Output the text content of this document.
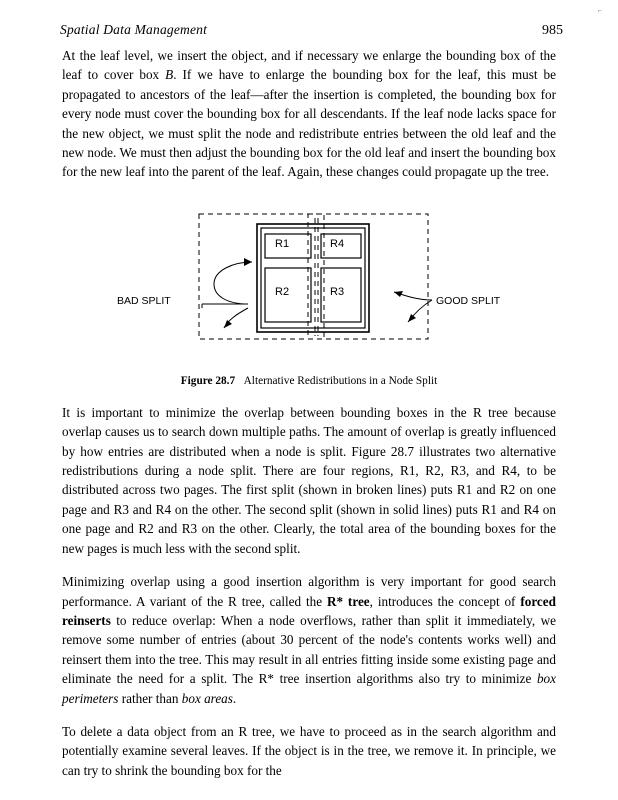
⌐
Spatial Data Management	985

At the leaf level, we insert the object, and if necessary we enlarge the bounding box of the leaf to cover box B. If we have to enlarge the bounding box for the leaf, this must be propagated to ancestors of the leaf—after the insertion is completed, the bounding box for every node must cover the bounding box for all descendants. If the leaf node lacks space for the new object, we must split the node and redistribute entries between the old leaf and the new node. We must then adjust the bounding box for the old leaf and insert the bounding box for the new leaf into the parent of the leaf. Again, these changes could propagate up the tree.

R1	R4
R2	R3
BAD SPLIT	GOOD SPLIT
Figure 28.7 Alternative Redistributions in a Node Split

It is important to minimize the overlap between bounding boxes in the R tree because overlap causes us to search down multiple paths. The amount of overlap is greatly influenced by how entries are distributed when a node is split. Figure 28.7 illustrates two alternative redistributions during a node split. There are four regions, R1, R2, R3, and R4, to be distributed across two pages. The first split (shown in broken lines) puts R1 and R2 on one page and R3 and R4 on the other. The second split (shown in solid lines) puts R1 and R4 on one page and R2 and R3 on the other. Clearly, the total area of the bounding boxes for the new pages is much less with the second split.

Minimizing overlap using a good insertion algorithm is very important for good search performance. A variant of the R tree, called the R* tree, introduces the concept of forced reinserts to reduce overlap: When a node overflows, rather than split it immediately, we remove some number of entries (about 30 percent of the node's contents works well) and reinsert them into the tree. This may result in all entries fitting inside some existing page and eliminate the need for a split. The R* tree insertion algorithms also try to minimize box perimeters rather than box areas.

To delete a data object from an R tree, we have to proceed as in the search algorithm and potentially examine several leaves. If the object is in the tree, we remove it. In principle, we can try to shrink the bounding box for the
